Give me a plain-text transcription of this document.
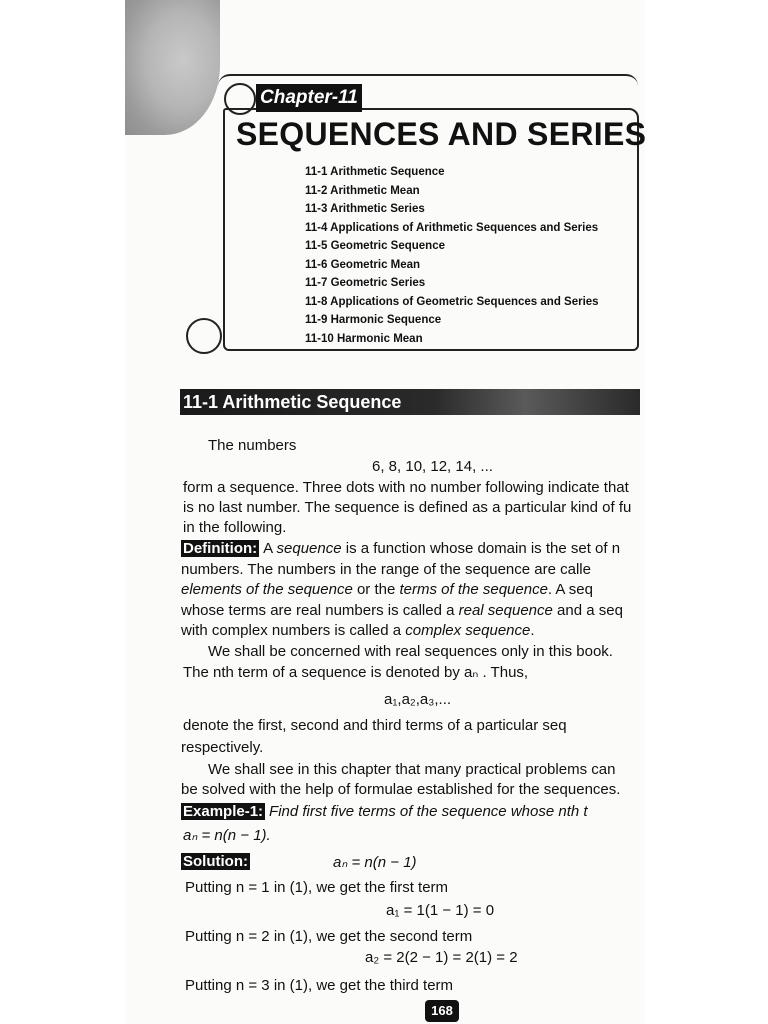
Chapter-11
SEQUENCES AND SERIES
11-1 Arithmetic Sequence
11-2 Arithmetic Mean
11-3 Arithmetic Series
11-4 Applications of Arithmetic Sequences and Series
11-5 Geometric Sequence
11-6 Geometric Mean
11-7 Geometric Series
11-8 Applications of Geometric Sequences and Series
11-9 Harmonic Sequence
11-10 Harmonic Mean
11-1 Arithmetic Sequence
The numbers
6, 8, 10, 12, 14, ...
form a sequence. Three dots with no number following indicate that
is no last number. The sequence is defined as a particular kind of fu
in the following.
Definition: A sequence is a function whose domain is the set of n
numbers. The numbers in the range of the sequence are calle
elements of the sequence or the terms of the sequence. A seq
whose terms are real numbers is called a real sequence and a seq
with complex numbers is called a complex sequence.
We shall be concerned with real sequences only in this book.
The nth term of a sequence is denoted by aₙ . Thus,
a₁,a₂,a₃,...
denote the first, second and third terms of a particular seq
respectively.
We shall see in this chapter that many practical problems can
be solved with the help of formulae established for the sequences.
Example-1: Find first five terms of the sequence whose nth t
aₙ = n(n − 1).
Solution:	aₙ = n(n − 1)
Putting n = 1 in (1), we get the first term
a₁ = 1(1 − 1) = 0
Putting n = 2 in (1), we get the second term
a₂ = 2(2 − 1) = 2(1) = 2
Putting n = 3 in (1), we get the third term
168
